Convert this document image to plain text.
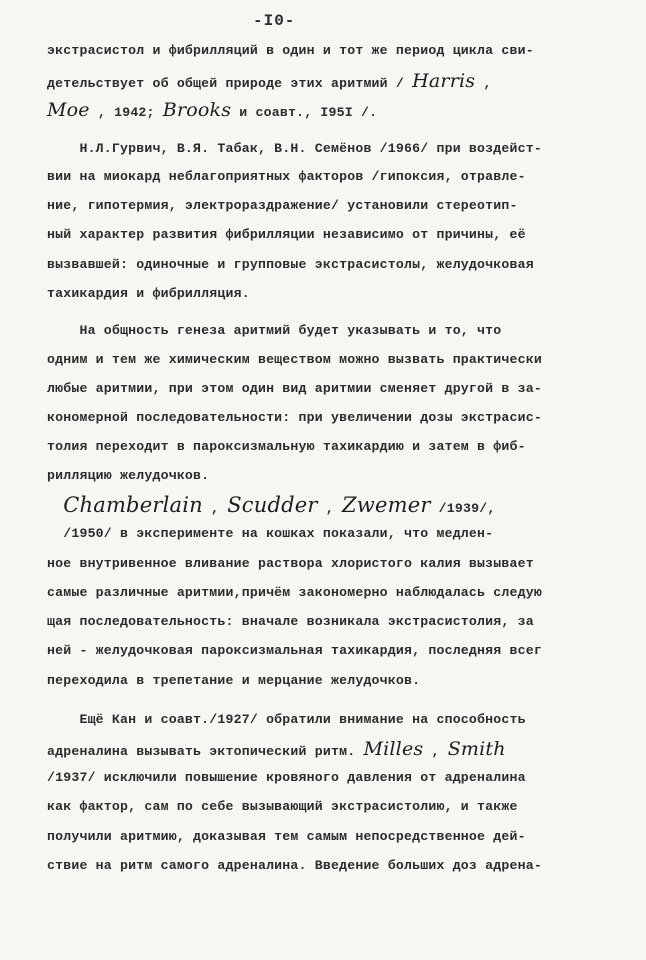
-I0-
экстрасистол и фибрилляций в один и тот же период цикла сви-
детельствует об общей природе этих аритмий / Harris ,
Moe , 1942; Brooks и соавт., I95I /.
Н.Л.Гурвич, В.Я. Табак, В.Н. Семёнов /1966/ при воздейст-
вии на миокард неблагоприятных факторов /гипоксия, отравле-
ние, гипотермия, электрораздражение/ установили стереотип-
ный характер развития фибрилляции независимо от причины, её
вызвавшей: одиночные и групповые экстрасистолы, желудочковая
тахикардия и фибрилляция.
На общность генеза аритмий будет указывать и то, что
одним и тем же химическим веществом можно вызвать практически
любые аритмии, при этом один вид аритмии сменяет другой в за-
кономерной последовательности: при увеличении дозы экстрасис-
толия переходит в пароксизмальную тахикардию и затем в фиб-
рилляцию желудочков.
Chamberlain , Scudder , Zwemer /1939/,
/1950/ в эксперименте на кошках показали, что медлен-
ное внутривенное вливание раствора хлористого калия вызывает
самые различные аритмии,причём закономерно наблюдалась следую
щая последовательность: вначале возникала экстрасистолия, за
ней - желудочковая пароксизмальная тахикардия, последняя всег
переходила в трепетание и мерцание желудочков.
Ещё Кан и соавт./1927/ обратили внимание на способность
адреналина вызывать эктопический ритм. Milles , Smith
/1937/ исключили повышение кровяного давления от адреналина
как фактор, сам по себе вызывающий экстрасистолию, и также
получили аритмию, доказывая тем самым непосредственное дей-
ствие на ритм самого адреналина. Введение больших доз адрена-
